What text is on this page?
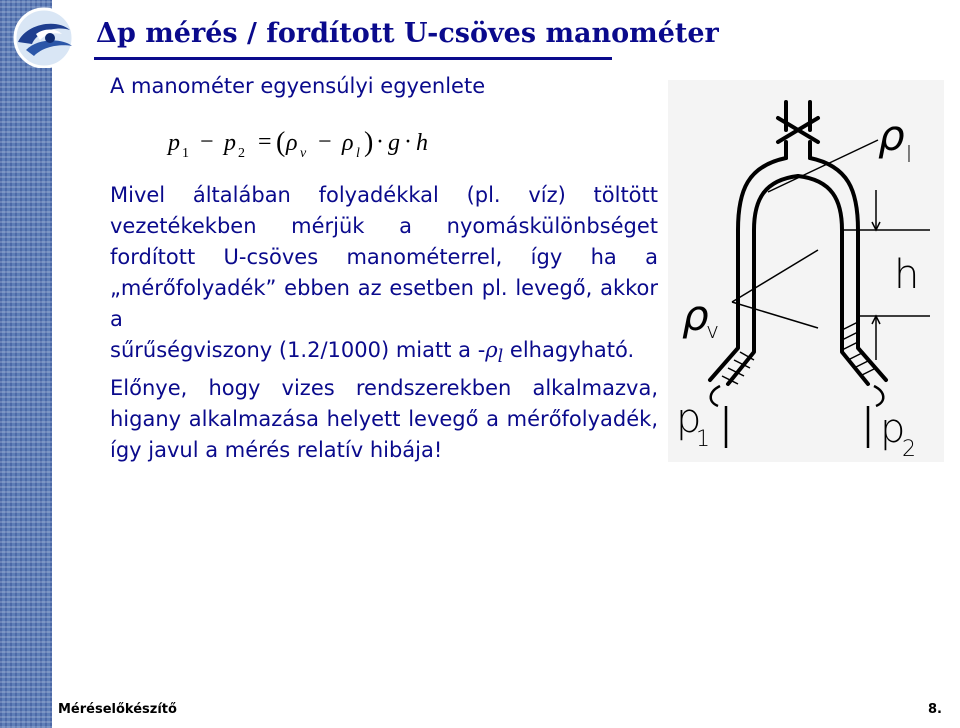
Δp mérés / fordított U-csöves manométer
A manométer egyensúlyi egyenlete
p 1 − p 2 = ( ρ v − ρ l ) · g · h

Mivel általában folyadékkal (pl. víz) töltött

vezetékekben mérjük a nyomáskülönbséget

fordított U-csöves manométerrel, így ha a

„mérőfolyadék” ebben az esetben pl. levegő, akkor a

sűrűségviszony (1.2/1000) miatt a $-\rho_l$ elhagyható.

Előnye, hogy vizes rendszerekben alkalmazva,

higany alkalmazása helyett levegő a mérőfolyadék,

így javul a mérés relatív hibája!

ρ l
h
ρ
v
p
1	p
2
Méréselőkészítő	8.
